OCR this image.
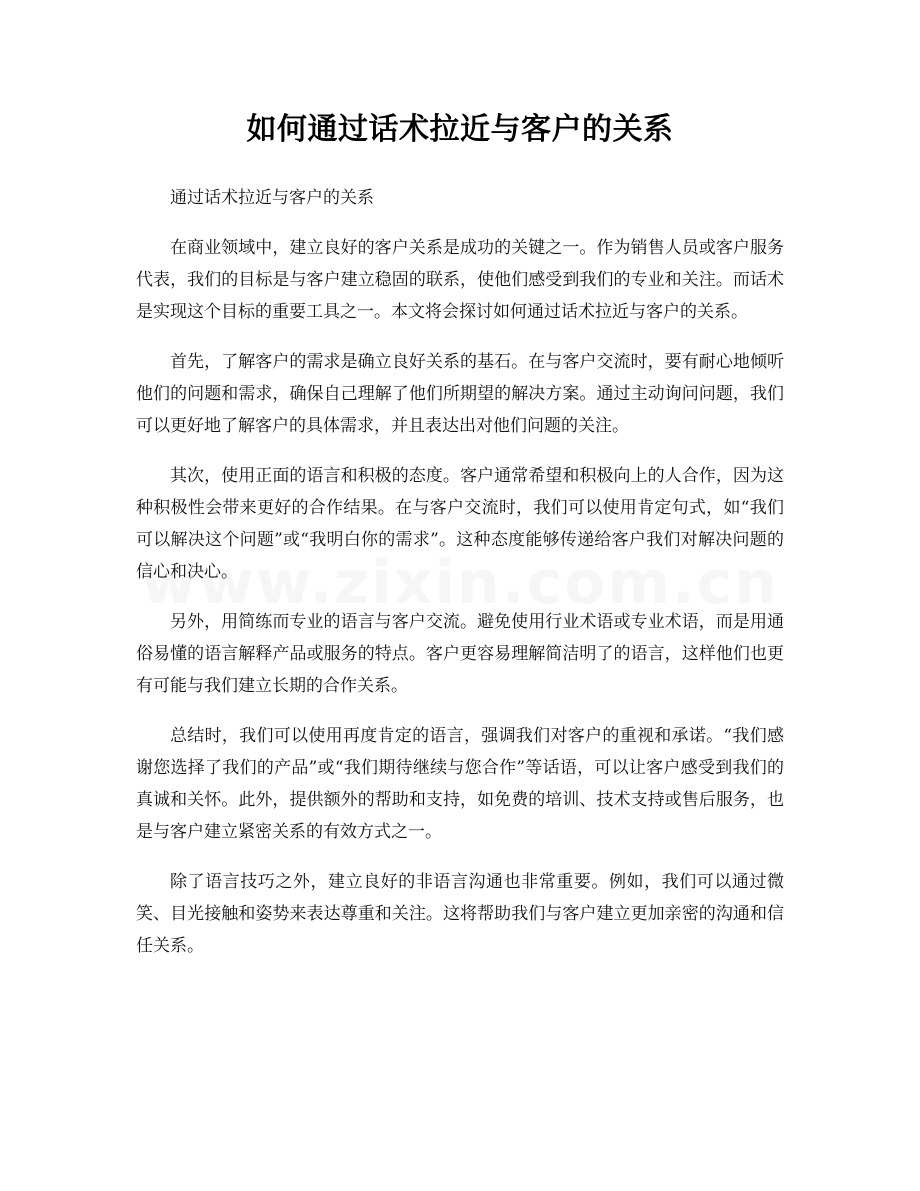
如何通过话术拉近与客户的关系

通过话术拉近与客户的关系

在商业领域中，建立良好的客户关系是成功的关键之一。作为销售人员或客户服务代表，我们的目标是与客户建立稳固的联系，使他们感受到我们的专业和关注。而话术是实现这个目标的重要工具之一。本文将会探讨如何通过话术拉近与客户的关系。

首先，了解客户的需求是确立良好关系的基石。在与客户交流时，要有耐心地倾听他们的问题和需求，确保自己理解了他们所期望的解决方案。通过主动询问问题，我们可以更好地了解客户的具体需求，并且表达出对他们问题的关注。

其次，使用正面的语言和积极的态度。客户通常希望和积极向上的人合作，因为这种积极性会带来更好的合作结果。在与客户交流时，我们可以使用肯定句式，如“我们可以解决这个问题”或“我明白你的需求”。这种态度能够传递给客户我们对解决问题的信心和决心。

另外，用简练而专业的语言与客户交流。避免使用行业术语或专业术语，而是用通俗易懂的语言解释产品或服务的特点。客户更容易理解简洁明了的语言，这样他们也更有可能与我们建立长期的合作关系。

总结时，我们可以使用再度肯定的语言，强调我们对客户的重视和承诺。“我们感谢您选择了我们的产品”或“我们期待继续与您合作”等话语，可以让客户感受到我们的真诚和关怀。此外，提供额外的帮助和支持，如免费的培训、技术支持或售后服务，也是与客户建立紧密关系的有效方式之一。

除了语言技巧之外，建立良好的非语言沟通也非常重要。例如，我们可以通过微笑、目光接触和姿势来表达尊重和关注。这将帮助我们与客户建立更加亲密的沟通和信任关系。
